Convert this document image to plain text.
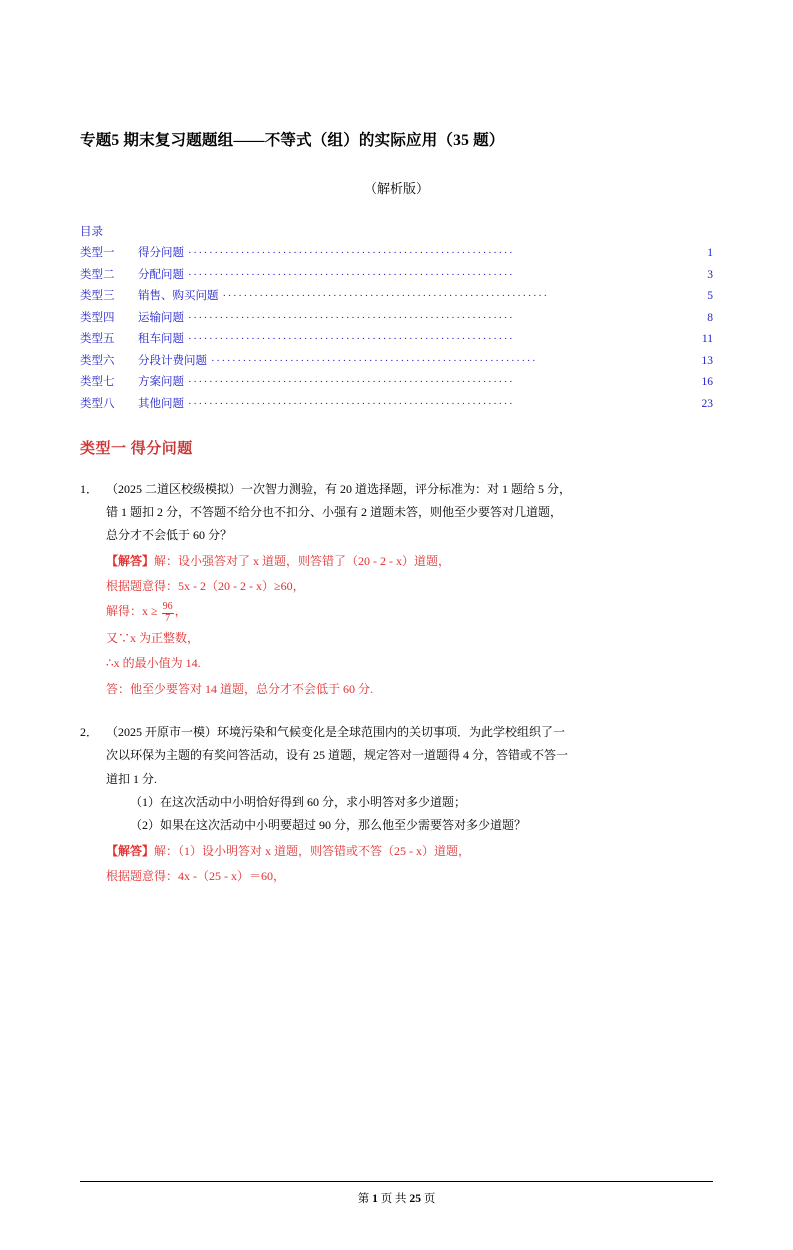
专题5 期末复习题题组——不等式（组）的实际应用（35 题）
（解析版）
目录
类型一	得分问题 ······························································	1
类型二	分配问题 ······························································	3
类型三	销售、购买问题 ······························································	5
类型四	运输问题 ······························································	8
类型五	租车问题 ······························································	11
类型六	分段计费问题 ······························································	13
类型七	方案问题 ······························································	16
类型八	其他问题 ······························································	23
类型一 得分问题
1． （2025 二道区校级模拟）一次智力测验，有 20 道选择题，评分标准为：对 1 题给 5 分，
错 1 题扣 2 分，不答题不给分也不扣分、小强有 2 道题未答，则他至少要答对几道题，
总分才不会低于 60 分？
【解答】解：设小强答对了 x 道题，则答错了（20 - 2 - x）道题，
根据题意得：5x - 2（20 - 2 - x）≥60，
解得：$x \ge \frac{96}{7}$ ，
又∵x 为正整数，
∴x 的最小值为 14.
答：他至少要答对 14 道题，总分才不会低于 60 分.
2． （2025 开原市一模）环境污染和气候变化是全球范围内的关切事项．为此学校组织了一
次以环保为主题的有奖问答活动，设有 25 道题，规定答对一道题得 4 分，答错或不答一
道扣 1 分.
（1）在这次活动中小明恰好得到 60 分，求小明答对多少道题；
（2）如果在这次活动中小明要超过 90 分，那么他至少需要答对多少道题？
【解答】解：（1）设小明答对 x 道题，则答错或不答（25 - x）道题，
根据题意得：4x -（25 - x）＝60，
第 1 页 共 25 页
